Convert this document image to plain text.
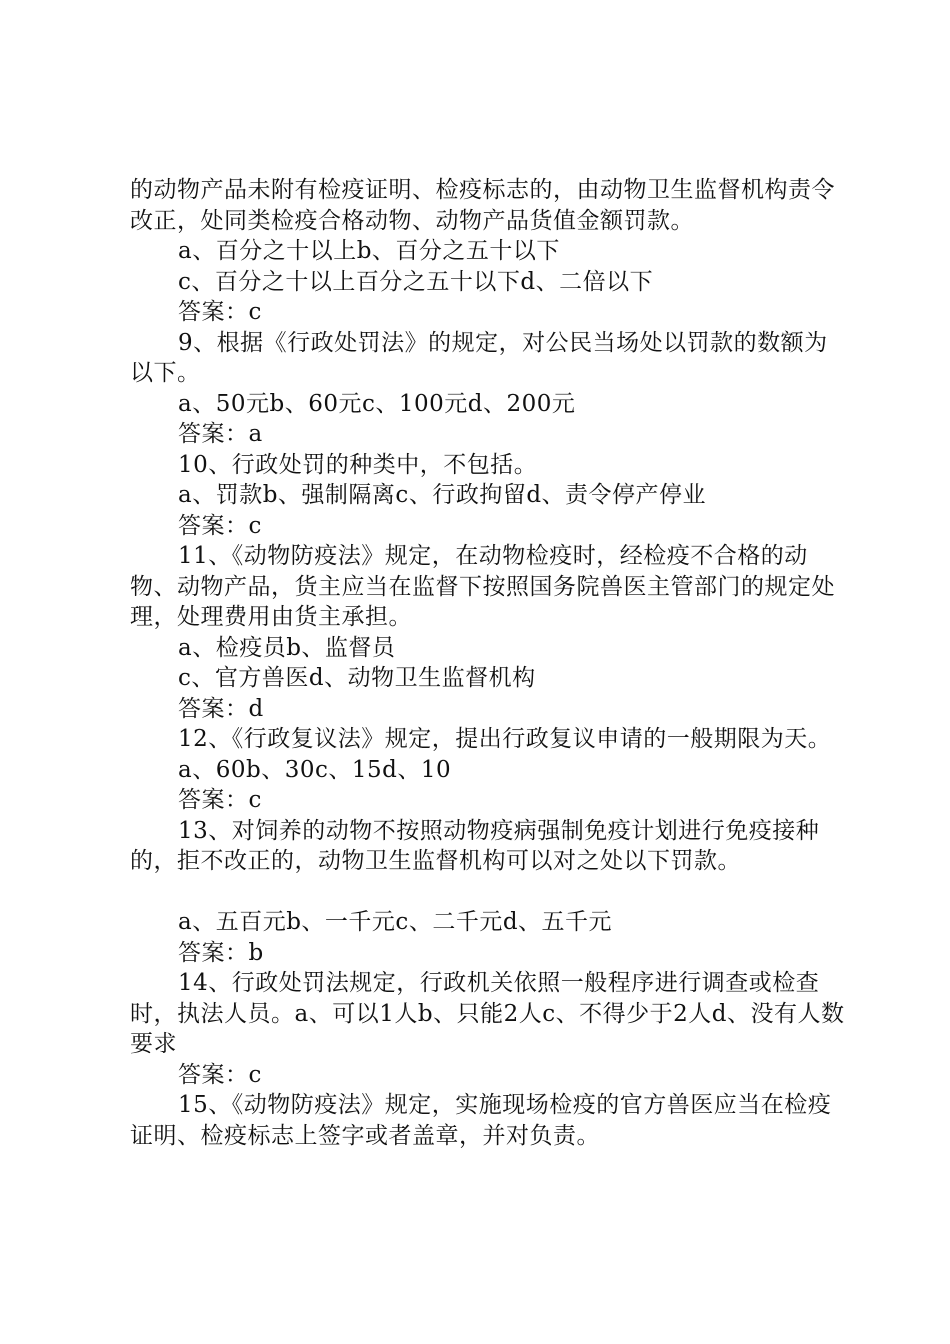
的动物产品未附有检疫证明、检疫标志的，由动物卫生监督机构责令改正，处同类检疫合格动物、动物产品货值金额罚款。

a、百分之十以上b、百分之五十以下

c、百分之十以上百分之五十以下d、二倍以下

答案：c

9、根据《行政处罚法》的规定，对公民当场处以罚款的数额为以下。

a、50元b、60元c、100元d、200元

答案：a

10、行政处罚的种类中，不包括。

a、罚款b、强制隔离c、行政拘留d、责令停产停业

答案：c

11、《动物防疫法》规定，在动物检疫时，经检疫不合格的动物、动物产品，货主应当在监督下按照国务院兽医主管部门的规定处理，处理费用由货主承担。

a、检疫员b、监督员

c、官方兽医d、动物卫生监督机构

答案：d

12、《行政复议法》规定，提出行政复议申请的一般期限为天。

a、60b、30c、15d、10

答案：c

13、对饲养的动物不按照动物疫病强制免疫计划进行免疫接种的，拒不改正的，动物卫生监督机构可以对之处以下罚款。

a、五百元b、一千元c、二千元d、五千元

答案：b

14、行政处罚法规定，行政机关依照一般程序进行调查或检查时，执法人员。a、可以1人b、只能2人c、不得少于2人d、没有人数要求

答案：c

15、《动物防疫法》规定，实施现场检疫的官方兽医应当在检疫证明、检疫标志上签字或者盖章，并对负责。
